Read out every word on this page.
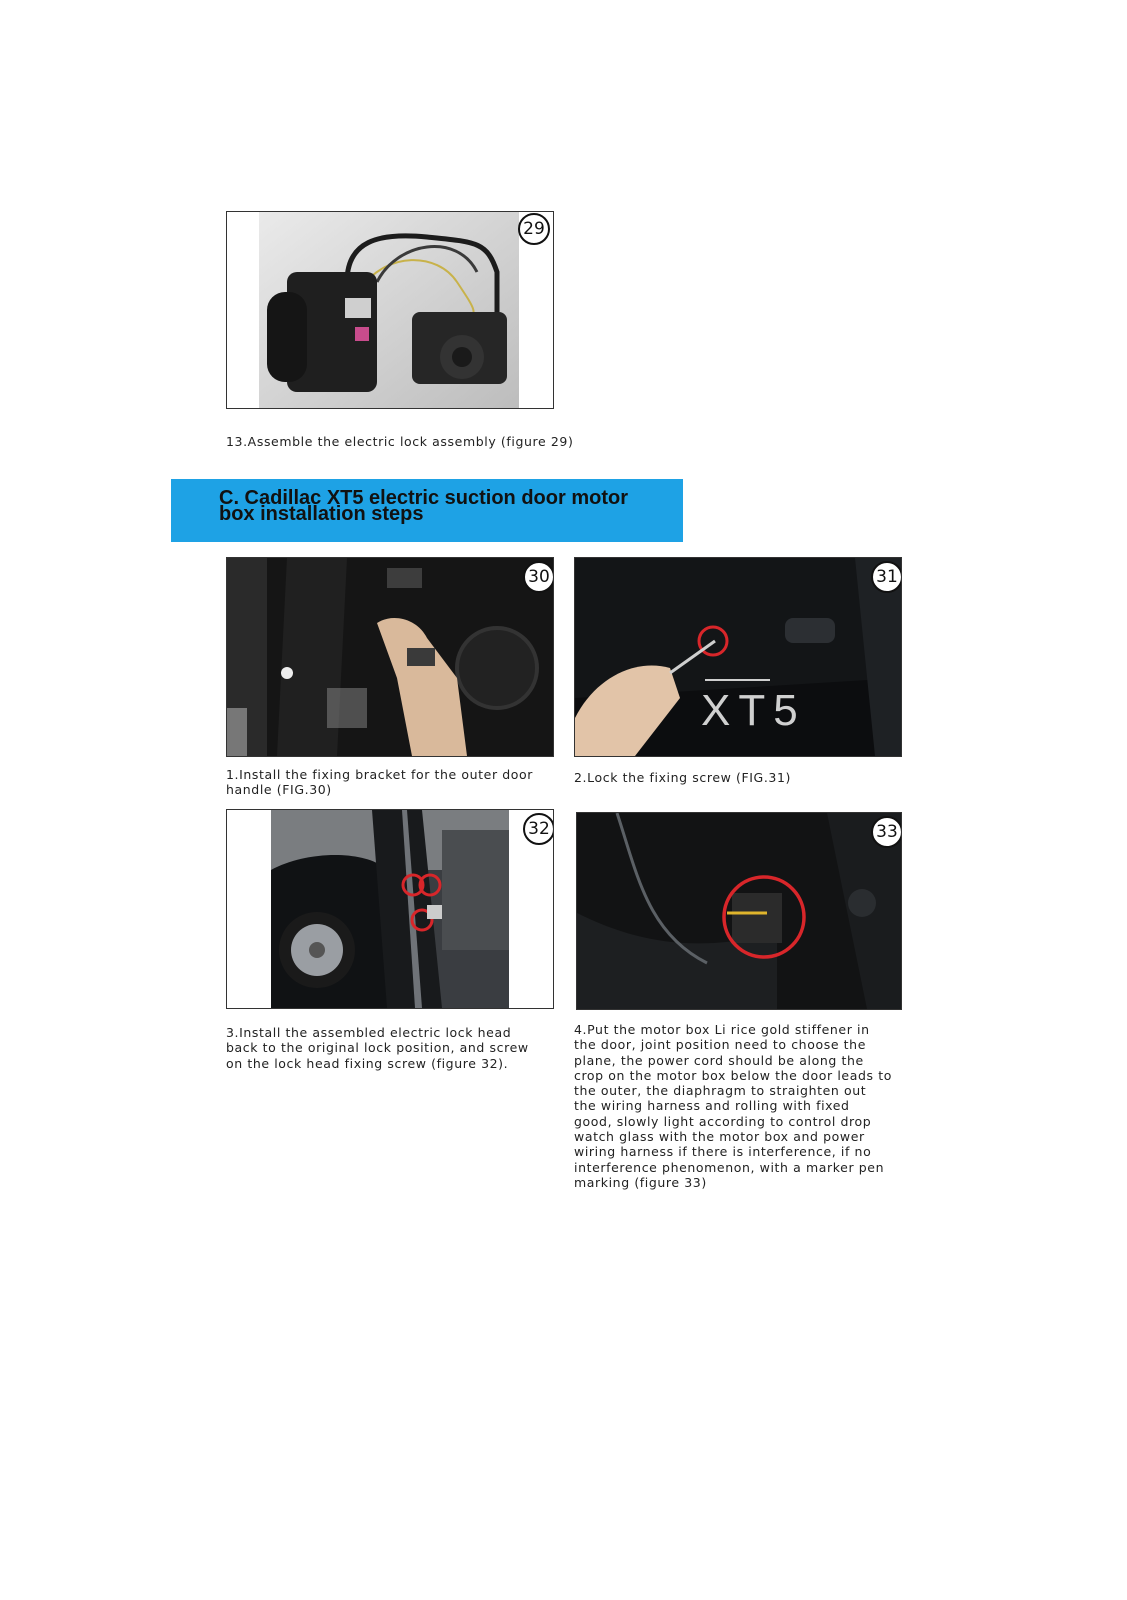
29

13.Assemble the electric lock assembly (figure 29)

C. Cadillac XT5 electric suction door motor box installation steps
30

1.Install the fixing bracket for the outer door handle (FIG.30)

XT5
31

2.Lock the fixing screw (FIG.31)

32

3.Install the assembled electric lock head back to the original lock position, and screw on the lock head fixing screw (figure 32).

33

4.Put the motor box Li rice gold stiffener in the door, joint position need to choose the plane, the power cord should be along the crop on the motor box below the door leads to the outer, the diaphragm to straighten out the wiring harness and rolling with fixed good, slowly light according to control drop watch glass with the motor box and power wiring harness if there is interference, if no interference phenomenon, with a marker pen marking (figure 33)
